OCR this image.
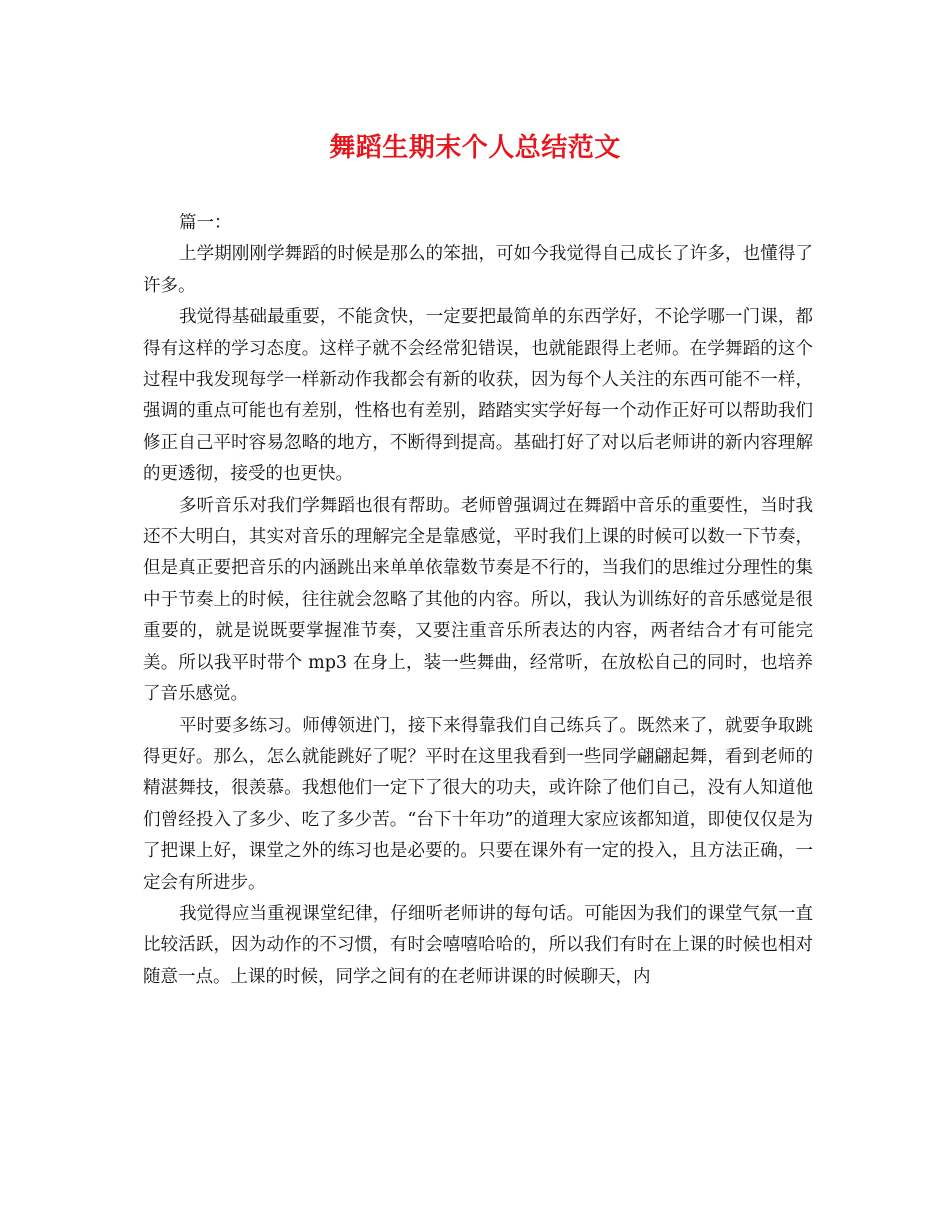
舞蹈生期末个人总结范文

篇一：

上学期刚刚学舞蹈的时候是那么的笨拙，可如今我觉得自己成长了许多，也懂得了许多。

我觉得基础最重要，不能贪快，一定要把最简单的东西学好，不论学哪一门课，都得有这样的学习态度。这样子就不会经常犯错误，也就能跟得上老师。在学舞蹈的这个过程中我发现每学一样新动作我都会有新的收获，因为每个人关注的东西可能不一样，强调的重点可能也有差别，性格也有差别，踏踏实实学好每一个动作正好可以帮助我们修正自己平时容易忽略的地方，不断得到提高。基础打好了对以后老师讲的新内容理解的更透彻，接受的也更快。

多听音乐对我们学舞蹈也很有帮助。老师曾强调过在舞蹈中音乐的重要性，当时我还不大明白，其实对音乐的理解完全是靠感觉，平时我们上课的时候可以数一下节奏，但是真正要把音乐的内涵跳出来单单依靠数节奏是不行的，当我们的思维过分理性的集中于节奏上的时候，往往就会忽略了其他的内容。所以，我认为训练好的音乐感觉是很重要的，就是说既要掌握准节奏，又要注重音乐所表达的内容，两者结合才有可能完美。所以我平时带个 mp3 在身上，装一些舞曲，经常听，在放松自己的同时，也培养了音乐感觉。

平时要多练习。师傅领进门，接下来得靠我们自己练兵了。既然来了，就要争取跳得更好。那么，怎么就能跳好了呢？平时在这里我看到一些同学翩翩起舞，看到老师的精湛舞技，很羡慕。我想他们一定下了很大的功夫，或许除了他们自己，没有人知道他们曾经投入了多少、吃了多少苦。“台下十年功”的道理大家应该都知道，即使仅仅是为了把课上好，课堂之外的练习也是必要的。只要在课外有一定的投入，且方法正确，一定会有所进步。

我觉得应当重视课堂纪律，仔细听老师讲的每句话。可能因为我们的课堂气氛一直比较活跃，因为动作的不习惯，有时会嘻嘻哈哈的，所以我们有时在上课的时候也相对随意一点。上课的时候，同学之间有的在老师讲课的时候聊天，内
